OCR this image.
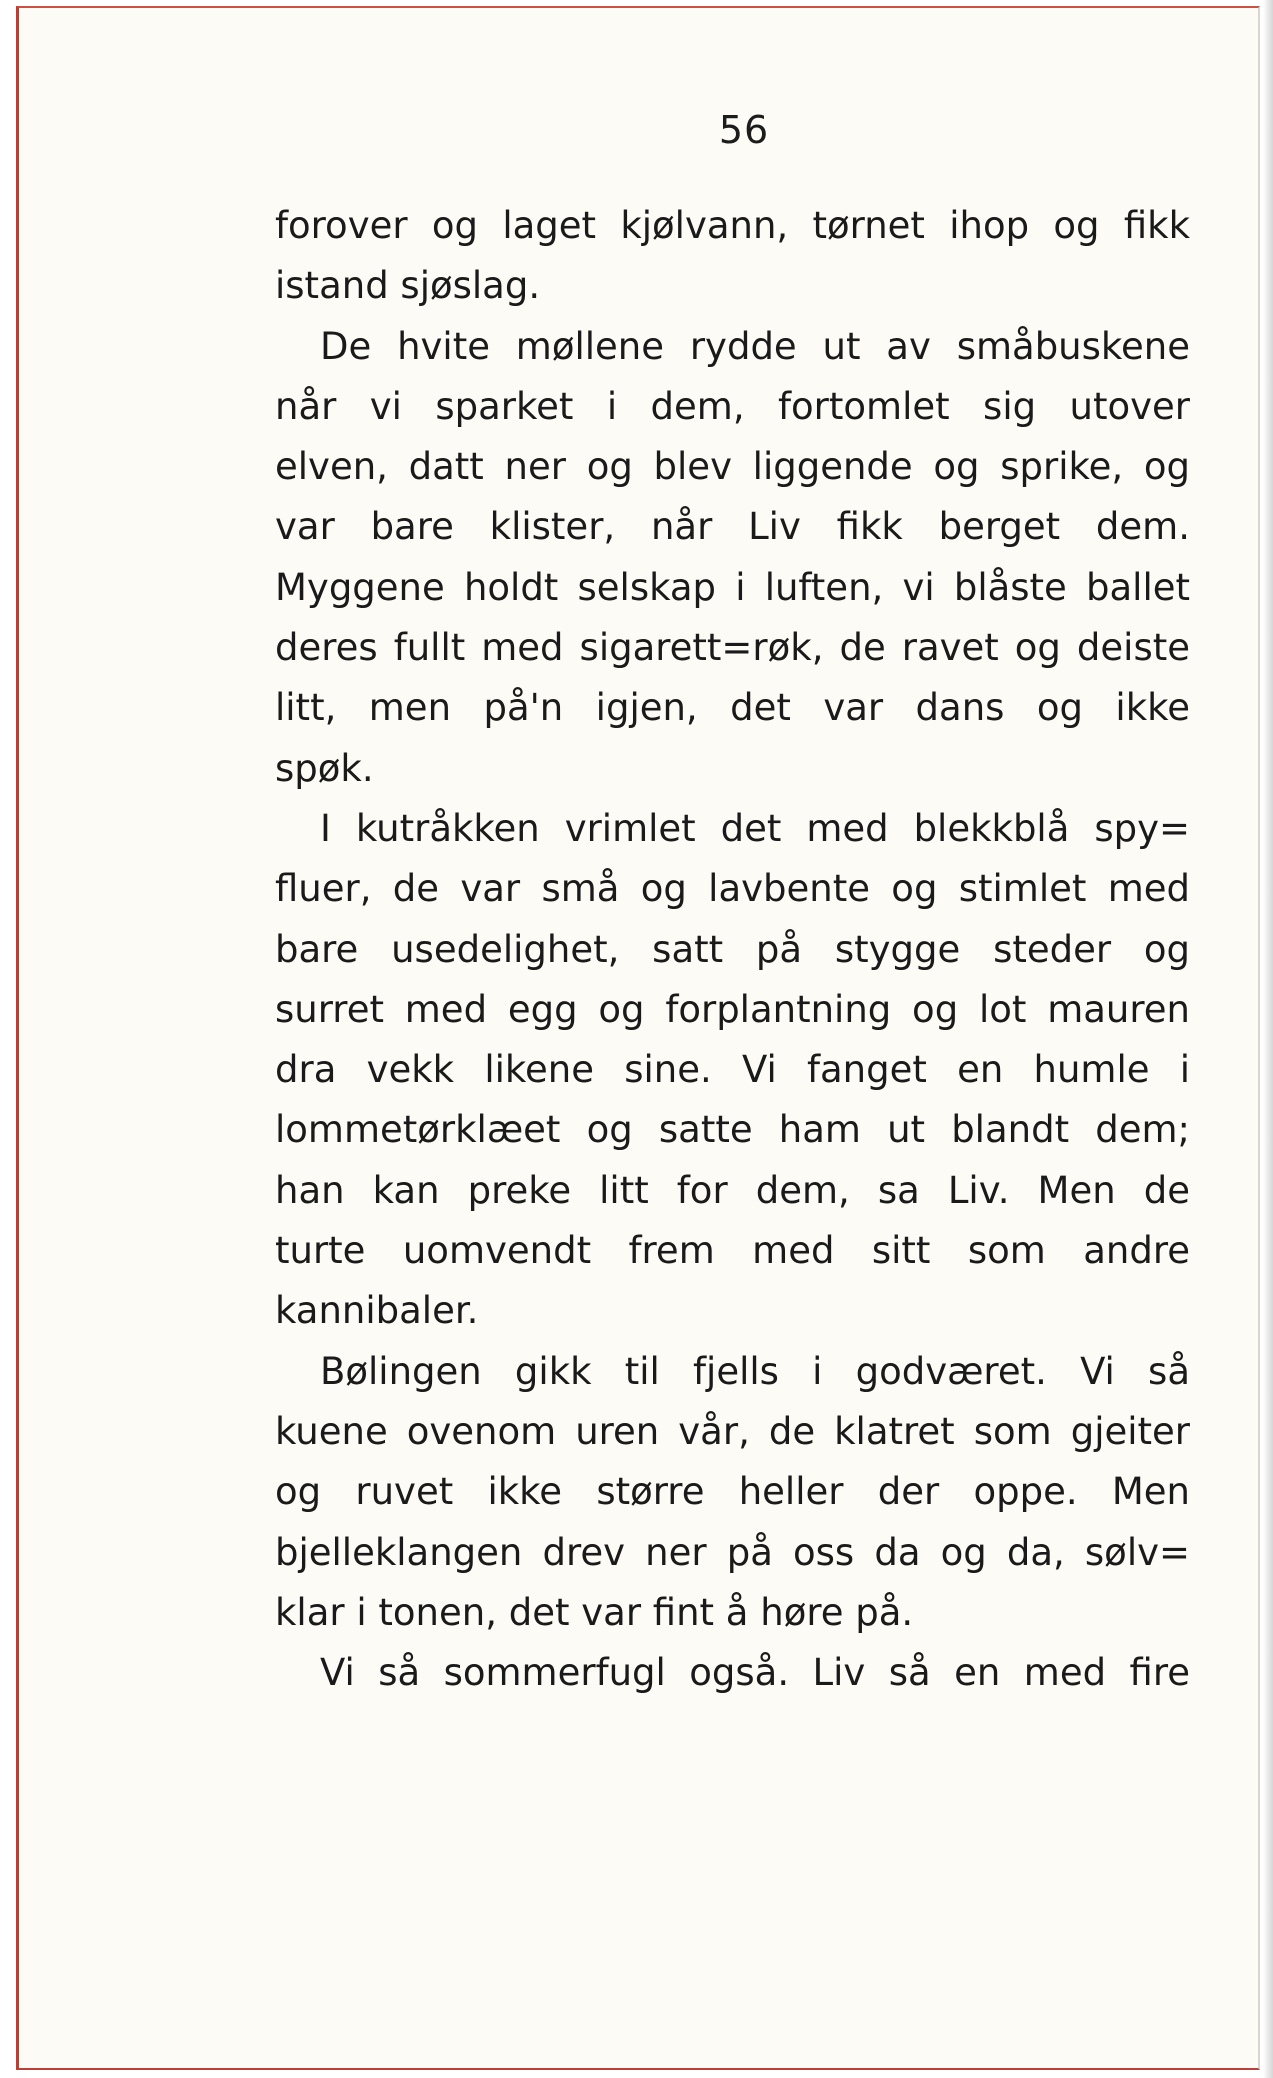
56
forover og laget kjølvann, tørnet ihop og fikk
istand sjøslag.
De hvite møllene rydde ut av småbuskene
når vi sparket i dem, fortomlet sig utover
elven, datt ner og blev liggende og sprike, og
var bare klister, når Liv fikk berget dem.
Myggene holdt selskap i luften, vi blåste ballet
deres fullt med sigarett=røk, de ravet og deiste
litt, men på'n igjen, det var dans og ikke
spøk.
I kutråkken vrimlet det med blekkblå spy=
fluer, de var små og lavbente og stimlet med
bare usedelighet, satt på stygge steder og
surret med egg og forplantning og lot mauren
dra vekk likene sine. Vi fanget en humle i
lommetørklæet og satte ham ut blandt dem;
han kan preke litt for dem, sa Liv. Men de
turte uomvendt frem med sitt som andre
kannibaler.
Bølingen gikk til fjells i godværet. Vi så
kuene ovenom uren vår, de klatret som gjeiter
og ruvet ikke større heller der oppe. Men
bjelleklangen drev ner på oss da og da, sølv=
klar i tonen, det var fint å høre på.
Vi så sommerfugl også. Liv så en med fire
